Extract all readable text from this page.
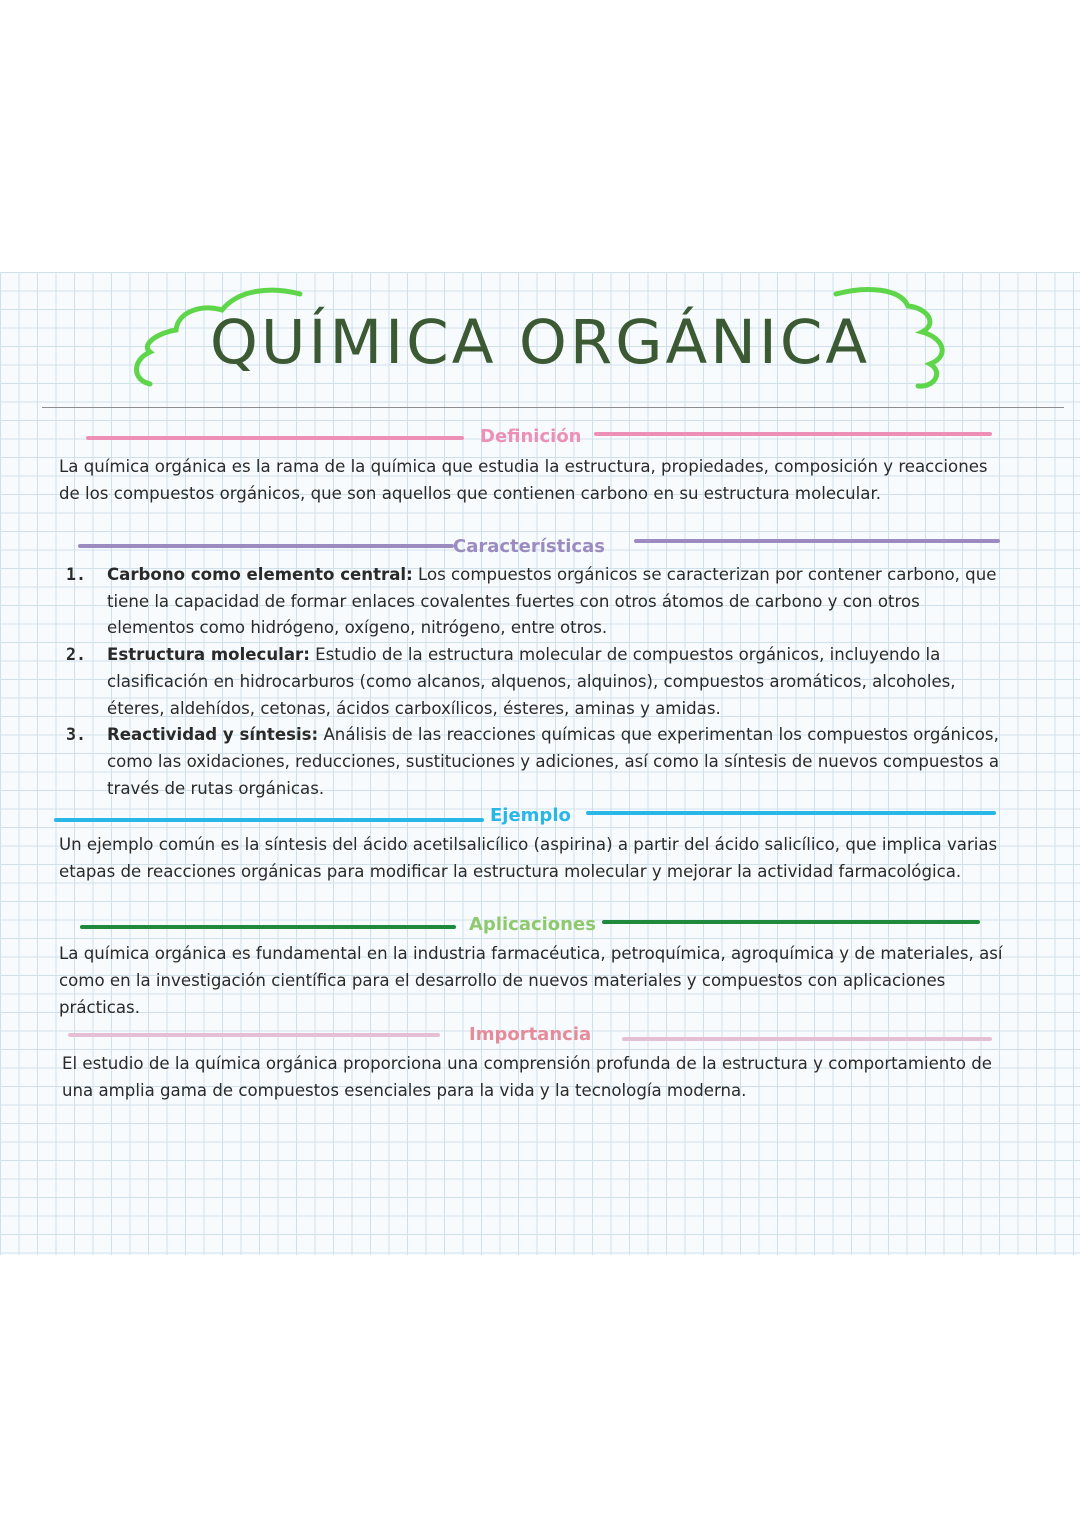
QUÍMICA ORGÁNICA
Definición

La química orgánica es la rama de la química que estudia la estructura, propiedades, composición y reacciones de los compuestos orgánicos, que son aquellos que contienen carbono en su estructura molecular.

Características
1. Carbono como elemento central: Los compuestos orgánicos se caracterizan por contener carbono, que tiene la capacidad de formar enlaces covalentes fuertes con otros átomos de carbono y con otros elementos como hidrógeno, oxígeno, nitrógeno, entre otros.
2. Estructura molecular: Estudio de la estructura molecular de compuestos orgánicos, incluyendo la clasificación en hidrocarburos (como alcanos, alquenos, alquinos), compuestos aromáticos, alcoholes, éteres, aldehídos, cetonas, ácidos carboxílicos, ésteres, aminas y amidas.
3. Reactividad y síntesis: Análisis de las reacciones químicas que experimentan los compuestos orgánicos, como las oxidaciones, reducciones, sustituciones y adiciones, así como la síntesis de nuevos compuestos a través de rutas orgánicas.
Ejemplo

Un ejemplo común es la síntesis del ácido acetilsalicílico (aspirina) a partir del ácido salicílico, que implica varias etapas de reacciones orgánicas para modificar la estructura molecular y mejorar la actividad farmacológica.

Aplicaciones

La química orgánica es fundamental en la industria farmacéutica, petroquímica, agroquímica y de materiales, así como en la investigación científica para el desarrollo de nuevos materiales y compuestos con aplicaciones prácticas.

Importancia

El estudio de la química orgánica proporciona una comprensión profunda de la estructura y comportamiento de una amplia gama de compuestos esenciales para la vida y la tecnología moderna.
